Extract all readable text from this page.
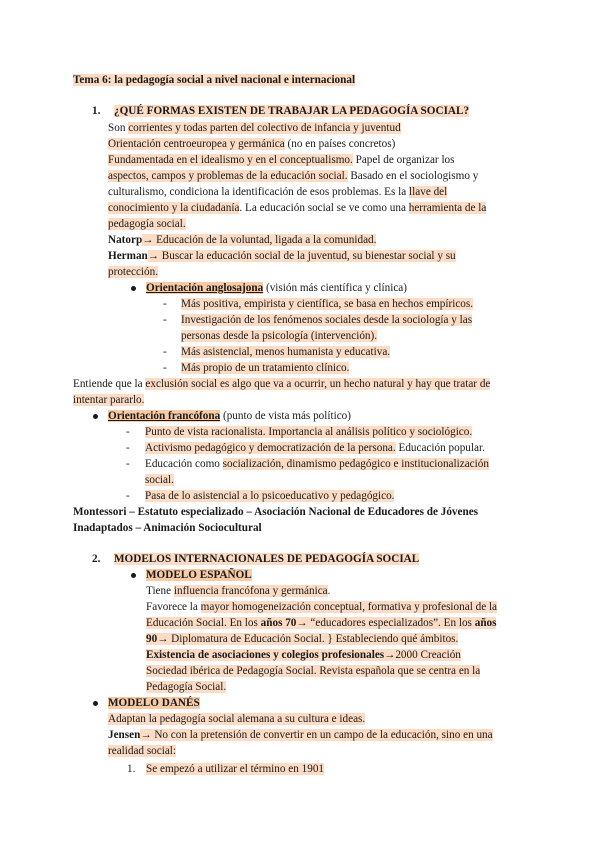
Tema 6: la pedagogía social a nivel nacional e internacional
1. ¿QUÉ FORMAS EXISTEN DE TRABAJAR LA PEDAGOGÍA SOCIAL?
Son corrientes y todas parten del colectivo de infancia y juventud
Orientación centroeuropea y germánica (no en países concretos)
Fundamentada en el idealismo y en el conceptualismo. Papel de organizar los
aspectos, campos y problemas de la educación social. Basado en el sociologismo y
culturalismo, condiciona la identificación de esos problemas. Es la llave del
conocimiento y la ciudadanía. La educación social se ve como una herramienta de la
pedagogía social.
Natorp→ Educación de la voluntad, ligada a la comunidad.
Herman→ Buscar la educación social de la juventud, su bienestar social y su
protección.
Orientación anglosajona (visión más científica y clínica)
- Más positiva, empirista y científica, se basa en hechos empíricos.
- Investigación de los fenómenos sociales desde la sociología y las
personas desde la psicología (intervención).
- Más asistencial, menos humanista y educativa.
- Más propio de un tratamiento clínico.
Entiende que la exclusión social es algo que va a ocurrir, un hecho natural y hay que tratar de
intentar pararlo.
Orientación francófona (punto de vista más político)
- Punto de vista racionalista. Importancia al análisis político y sociológico.
- Activismo pedagógico y democratización de la persona. Educación popular.
- Educación como socialización, dinamismo pedagógico e institucionalización
social.
- Pasa de lo asistencial a lo psicoeducativo y pedagógico.
Montessori – Estatuto especializado – Asociación Nacional de Educadores de Jóvenes
Inadaptados – Animación Sociocultural
2. MODELOS INTERNACIONALES DE PEDAGOGÍA SOCIAL
MODELO ESPAÑOL
Tiene influencia francófona y germánica.
Favorece la mayor homogeneización conceptual, formativa y profesional de la
Educación Social. En los años 70→ “educadores especializados”. En los años
90→ Diplomatura de Educación Social. } Estableciendo qué ámbitos.
Existencia de asociaciones y colegios profesionales→2000 Creación
Sociedad ibérica de Pedagogía Social. Revista española que se centra en la
Pedagogía Social.
MODELO DANÉS
Adaptan la pedagogía social alemana a su cultura e ideas.
Jensen→ No con la pretensión de convertir en un campo de la educación, sino en una
realidad social:
1. Se empezó a utilizar el término en 1901
